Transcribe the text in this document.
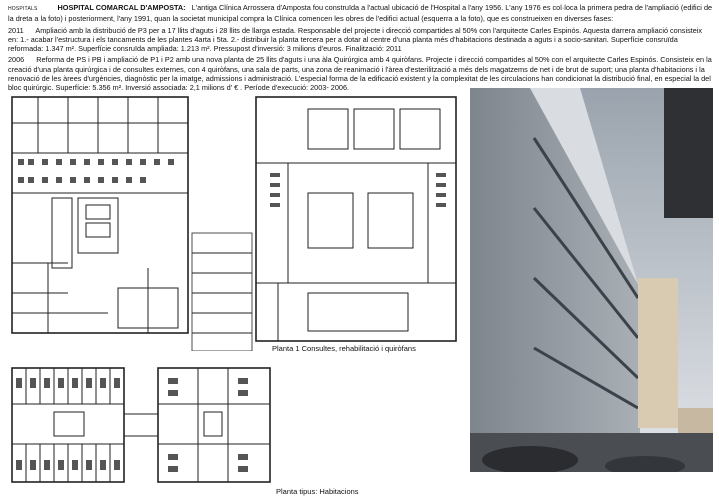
HOSPITALS	HOSPITAL COMARCAL D'AMPOSTA: L'antiga Clínica Arrossera d'Amposta fou construïda a l'actual ubicació de l'Hospital a l'any 1956. L'any 1976 es col·loca la primera pedra de l'ampliació (edifici de la dreta a la foto) i posteriorment, l'any 1991, quan la societat municipal compra la Clínica comencen les obres de l'edifici actual (esquerra a la foto), que es construeixen en diverses fases:

2011 Ampliació amb la distribució de P3 per a 17 llits d'aguts i 28 llits de llarga estada. Responsable del projecte i direcció compartides al 50% con l'arquitecte Carles Espinós. Aquesta darrera ampliació consisteix en: 1.- acabar l'estructura i els tancaments de les plantes 4arta i 5ta. 2.- distribuir la planta tercera per a dotar al centre d'una planta més d'habitacions destinada a aguts i a socio-sanitari. Superfície consruïda reformada: 1.347 m². Superfície consruïda ampliada: 1.213 m². Pressupost d'inversió: 3 milions d'euros. Finalització: 2011

2006 Reforma de PS i PB i ampliació de P1 i P2 amb una nova planta de 25 llits d'aguts i una àla Quirúrgica amb 4 quiròfans. Projecte i direcció compartides al 50% con el arquitecte Carles Espinós. Consisteix en la creació d'una planta quirúrgica i de consultes externes, con 4 quiròfans, una sala de parts, una zona de reanimació i l'àrea d'esterilització a més dels magatzems de net i de brut de suport; una planta d'habitacions i la renovació de les àrees d'urgències, diagnòstic per la imatge, admissions i administració. L'especial forma de la edificació existent y la complexitat de les circulacions han condicionat la distribució final, en especial la del bloc quirúrgic. Superfície: 5.356 m². Inversió associada: 2,1 milions d' € . Període d'execució: 2003- 2006.

Planta 1 Consultes, rehabilitació i quiròfans
Planta tipus: Habitacions
